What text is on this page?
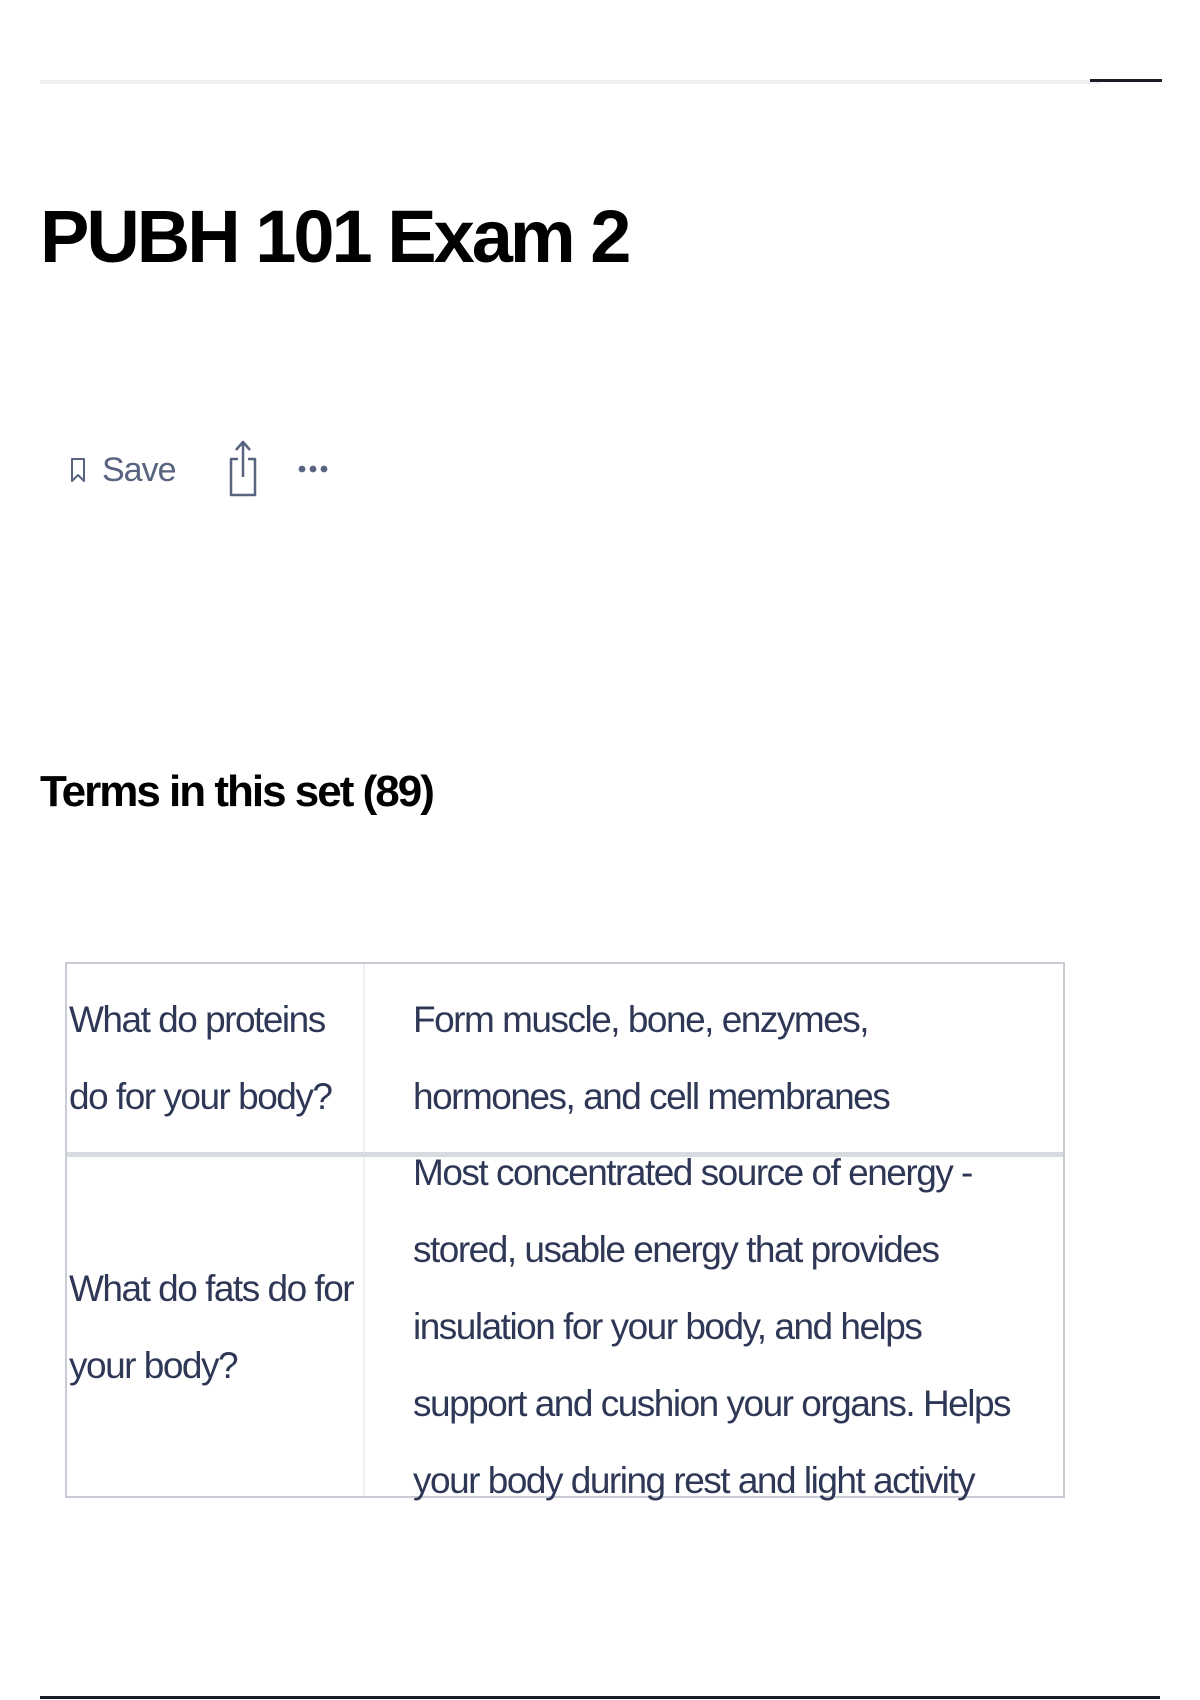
PUBH 101 Exam 2
Save
Terms in this set (89)
What do proteins do for your body?
Form muscle, bone, enzymes, hormones, and cell membranes
What do fats do for your body?
Most concentrated source of energy - stored, usable energy that provides insulation for your body, and helps support and cushion your organs. Helps your body during rest and light activity
